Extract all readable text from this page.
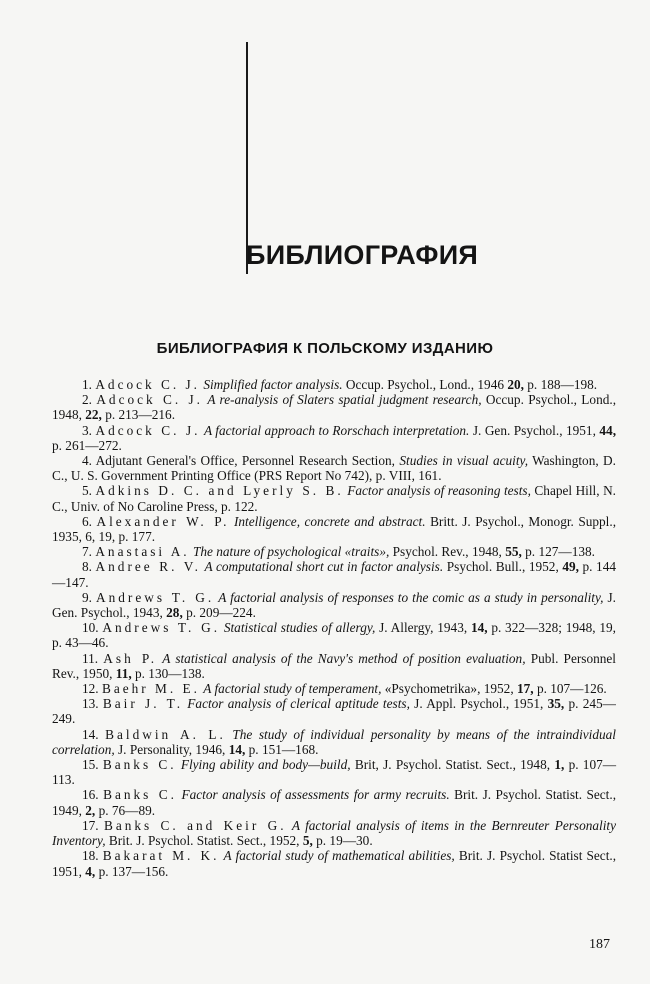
БИБЛИОГРАФИЯ
БИБЛИОГРАФИЯ К ПОЛЬСКОМУ ИЗДАНИЮ
1. Adcock C. J. Simplified factor analysis. Occup. Psychol., Lond., 1946 20, p. 188—198.
2. Adcock C. J. A re-analysis of Slaters spatial judgment research, Occup. Psychol., Lond., 1948, 22, p. 213—216.
3. Adcock C. J. A factorial approach to Rorschach interpretation. J. Gen. Psychol., 1951, 44, p. 261—272.
4. Adjutant General's Office, Personnel Research Section, Studies in visual acuity, Washington, D. C., U. S. Government Printing Office (PRS Report No 742), p. VIII, 161.
5. Adkins D. C. and Lyerly S. B. Factor analysis of reasoning tests, Chapel Hill, N. C., Univ. of No Caroline Press, p. 122.
6. Alexander W. P. Intelligence, concrete and abstract. Britt. J. Psychol., Monogr. Suppl., 1935, 6, 19, p. 177.
7. Anastasi A. The nature of psychological «traits», Psychol. Rev., 1948, 55, p. 127—138.
8. Andree R. V. A computational short cut in factor analysis. Psychol. Bull., 1952, 49, p. 144—147.
9. Andrews T. G. A factorial analysis of responses to the comic as a study in personality, J. Gen. Psychol., 1943, 28, p. 209—224.
10. Andrews T. G. Statistical studies of allergy, J. Allergy, 1943, 14, p. 322—328; 1948, 19, p. 43—46.
11. Ash P. A statistical analysis of the Navy's method of position evaluation, Publ. Personnel Rev., 1950, 11, p. 130—138.
12. Baehr M. E. A factorial study of temperament, «Psychometrika», 1952, 17, p. 107—126.
13. Bair J. T. Factor analysis of clerical aptitude tests, J. Appl. Psychol., 1951, 35, p. 245—249.
14. Baldwin A. L. The study of individual personality by means of the intraindividual correlation, J. Personality, 1946, 14, p. 151—168.
15. Banks C. Flying ability and body—build, Brit, J. Psychol. Statist. Sect., 1948, 1, p. 107—113.
16. Banks C. Factor analysis of assessments for army recruits. Brit. J. Psychol. Statist. Sect., 1949, 2, p. 76—89.
17. Banks C. and Keir G. A factorial analysis of items in the Bernreuter Personality Inventory, Brit. J. Psychol. Statist. Sect., 1952, 5, p. 19—30.
18. Bakarat M. K. A factorial study of mathematical abilities, Brit. J. Psychol. Statist Sect., 1951, 4, p. 137—156.
187
